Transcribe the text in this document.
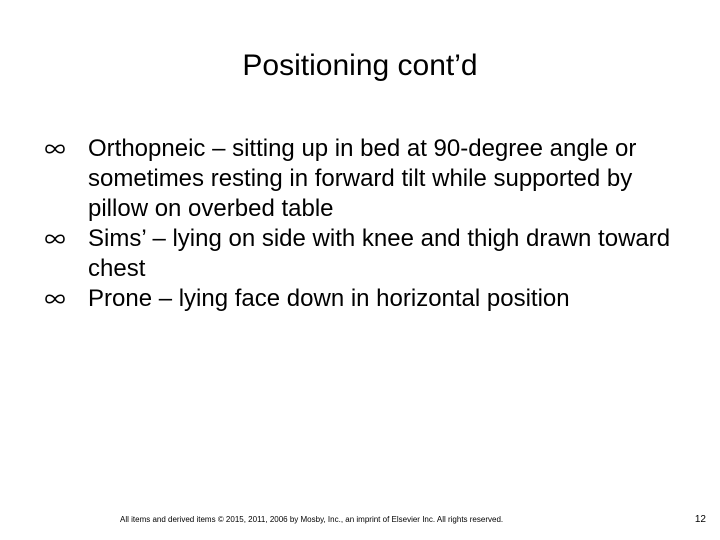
Positioning cont’d
Orthopneic – sitting up in bed at 90-degree angle or sometimes resting in forward tilt while supported by pillow on overbed table
Sims’ – lying on side with knee and thigh drawn toward chest
Prone – lying face down in horizontal position
All items and derived items © 2015, 2011, 2006 by Mosby, Inc., an imprint of Elsevier Inc. All rights reserved.	12
